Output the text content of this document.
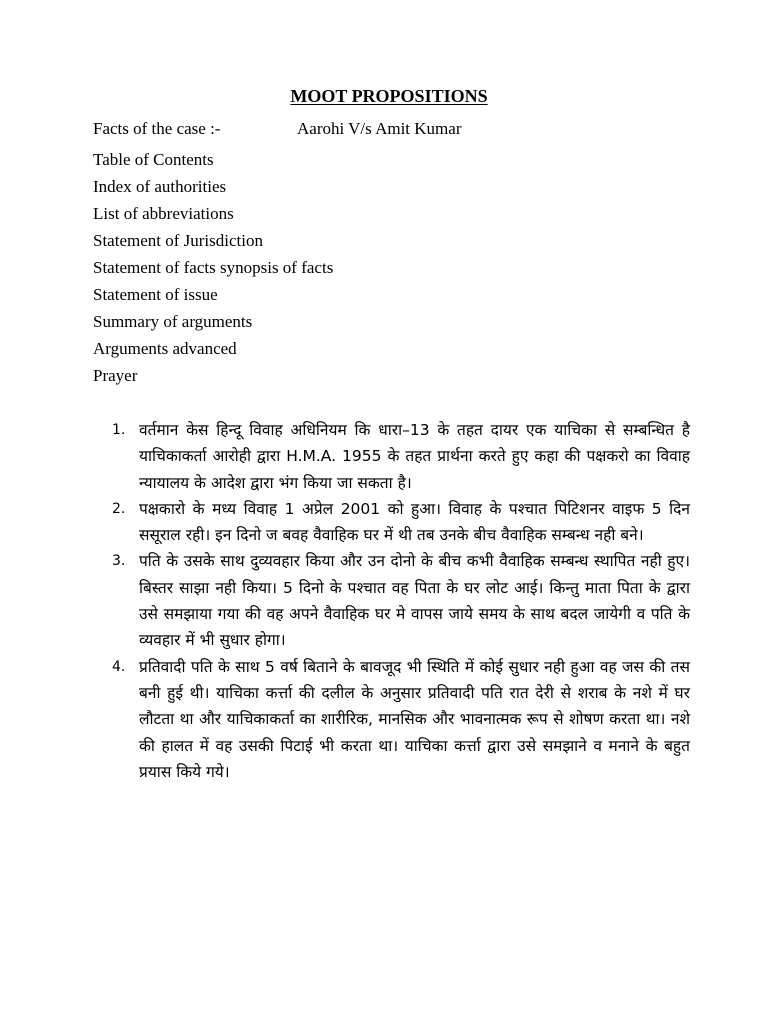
MOOT PROPOSITIONS
Facts of the case :-	Aarohi V/s Amit Kumar
Table of Contents
Index of authorities
List of abbreviations
Statement of Jurisdiction
Statement of facts synopsis of facts
Statement of issue
Summary of arguments
Arguments advanced
Prayer
1. वर्तमान केस हिन्दू विवाह अधिनियम कि धारा–13 के तहत दायर एक याचिका से सम्बन्धित है याचिकाकर्ता आरोही द्वारा H.M.A. 1955 के तहत प्रार्थना करते हुए कहा की पक्षकरो का विवाह न्यायालय के आदेश द्वारा भंग किया जा सकता है।
2. पक्षकारो के मध्य विवाह 1 अप्रेल 2001 को हुआ। विवाह के पश्चात पिटिशनर वाइफ 5 दिन ससूराल रही। इन दिनो ज बवह वैवाहिक घर में थी तब उनके बीच वैवाहिक सम्बन्ध नही बने।
3. पति के उसके साथ दुव्यवहार किया और उन दोनो के बीच कभी वैवाहिक सम्बन्ध स्थापित नही हुए। बिस्तर साझा नही किया। 5 दिनो के पश्चात वह पिता के घर लोट आई। किन्तु माता पिता के द्वारा उसे समझाया गया की वह अपने वैवाहिक घर मे वापस जाये समय के साथ बदल जायेगी व पति के व्यवहार में भी सुधार होगा।
4. प्रतिवादी पति के साथ 5 वर्ष बिताने के बावजूद भी स्थिति में कोई सुधार नही हुआ वह जस की तस बनी हुई थी। याचिका कर्त्ता की दलील के अनुसार प्रतिवादी पति रात देरी से शराब के नशे में घर लौटता था और याचिकाकर्ता का शारीरिक, मानसिक और भावनात्मक रूप से शोषण करता था। नशे की हालत में वह उसकी पिटाई भी करता था। याचिका कर्त्ता द्वारा उसे समझाने व मनाने के बहुत प्रयास किये गये।
